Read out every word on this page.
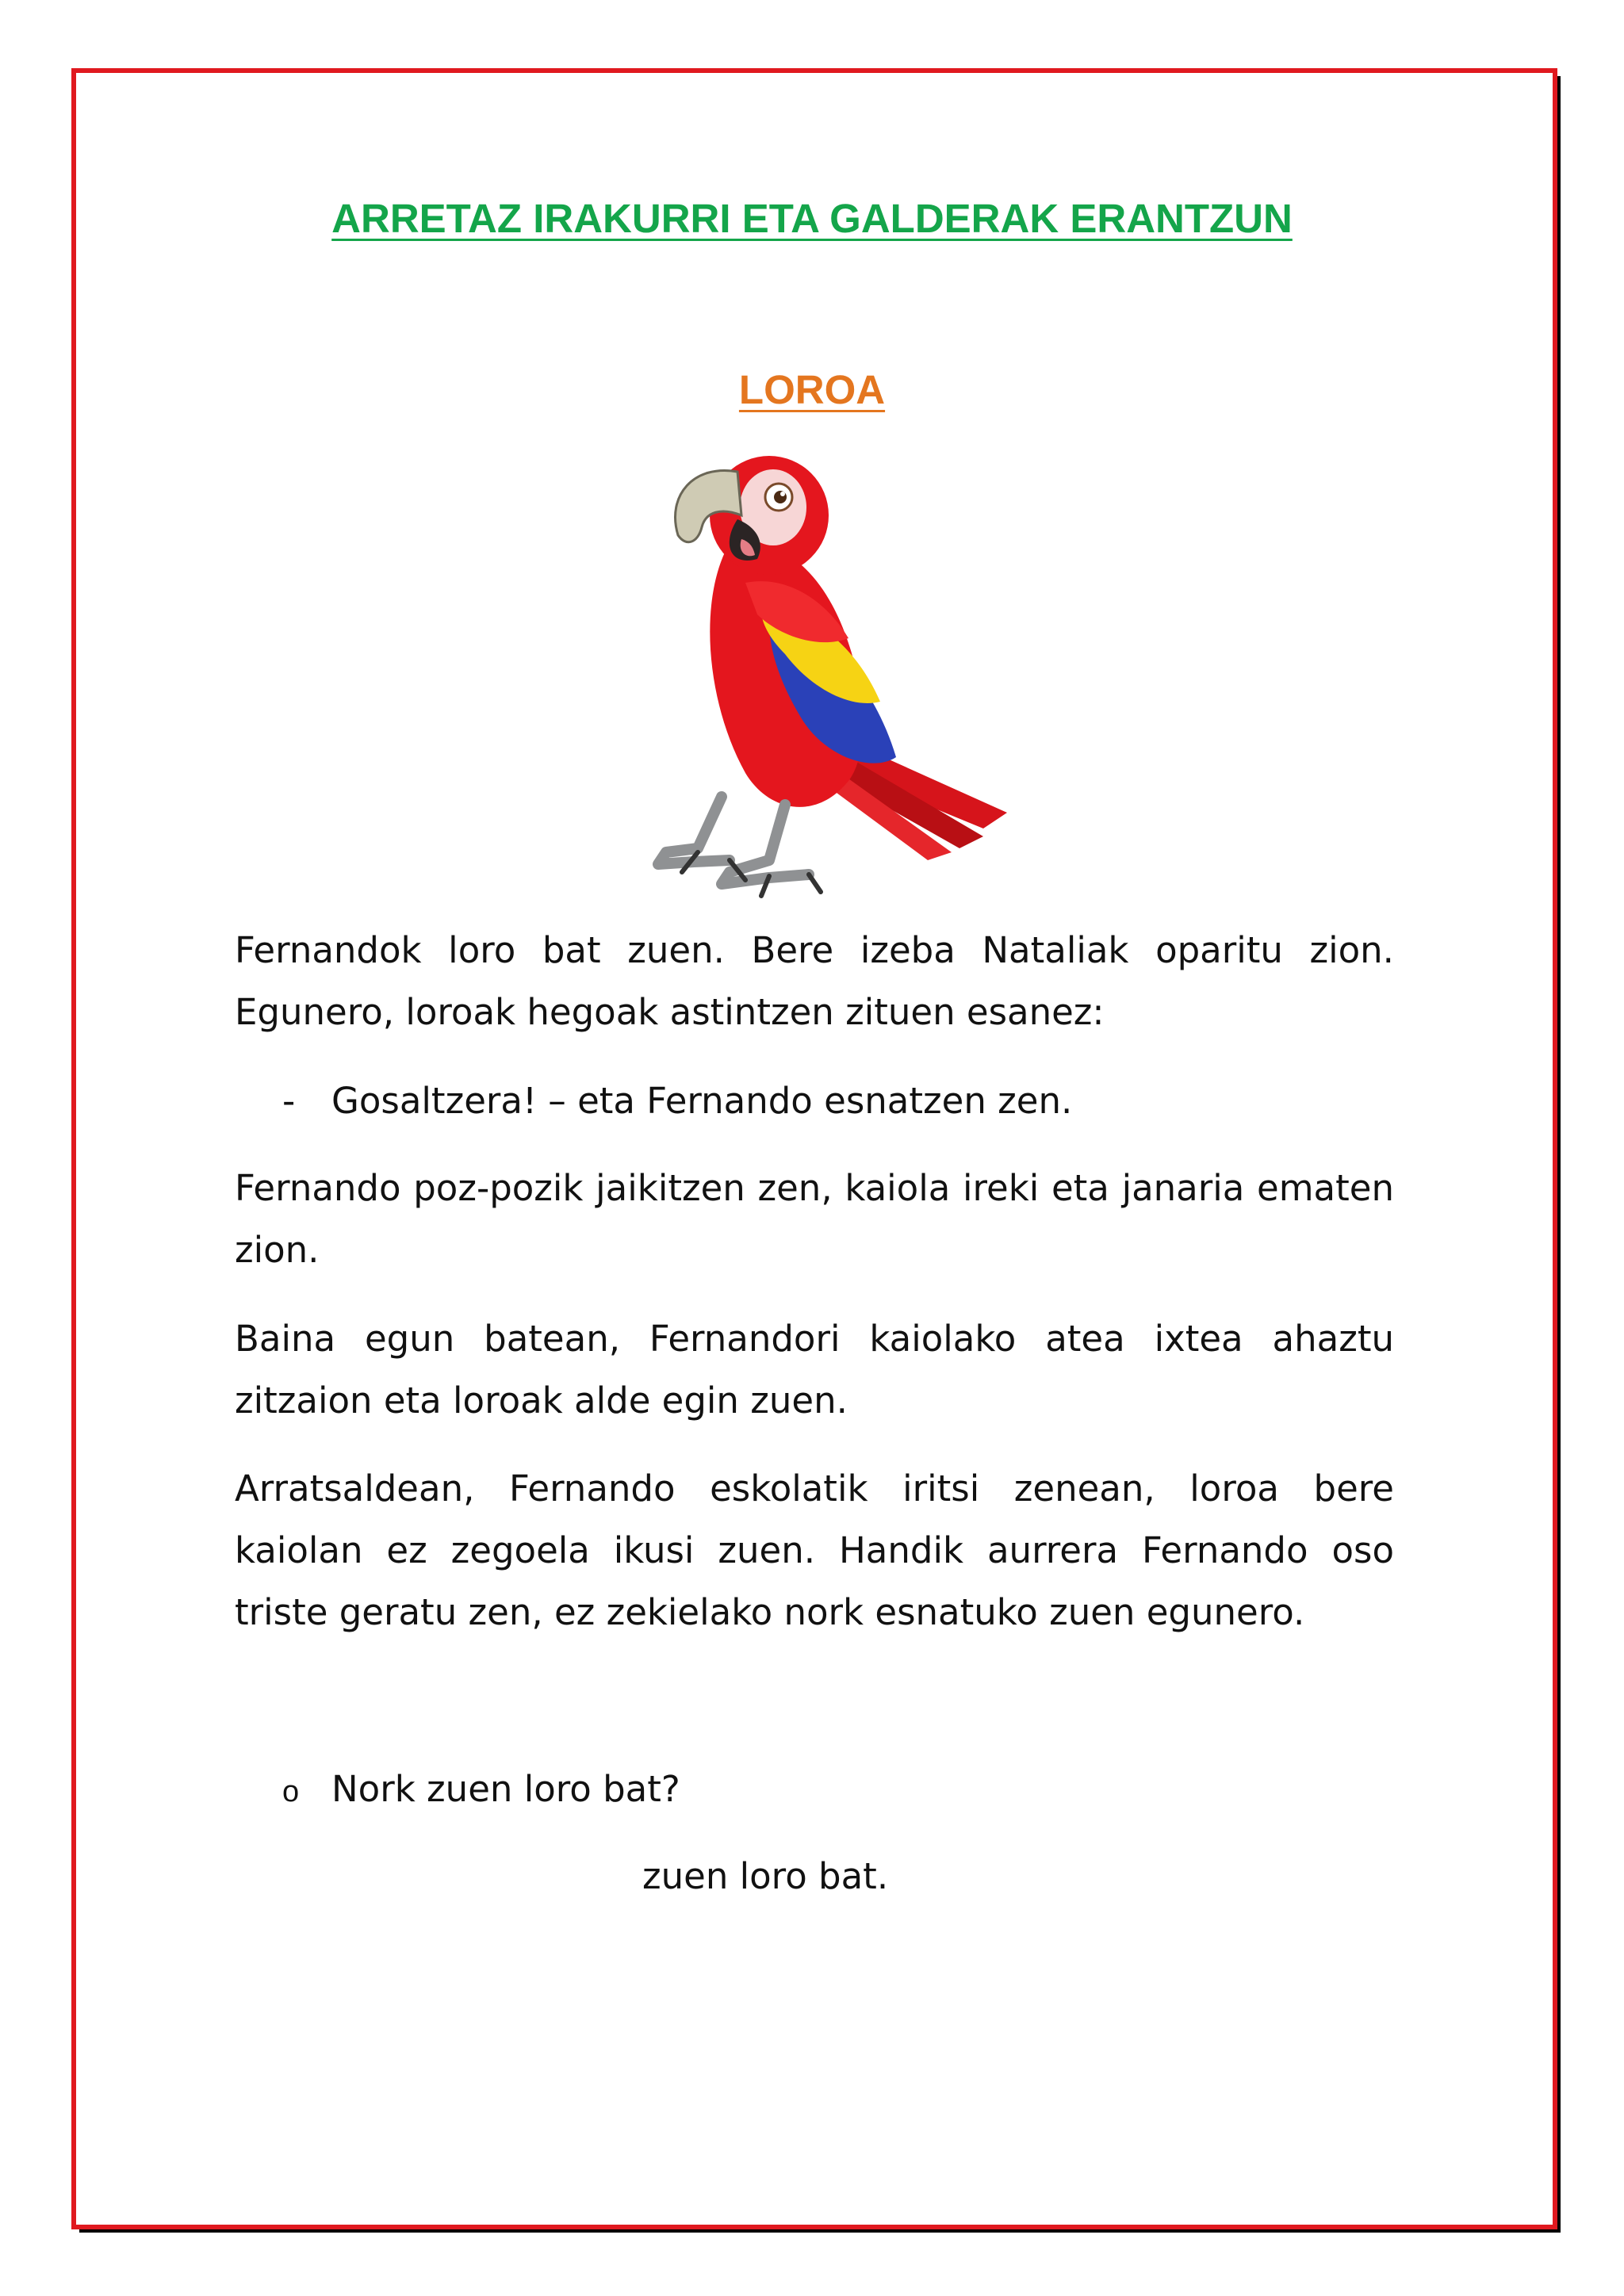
ARRETAZ IRAKURRI ETA GALDERAK ERANTZUN
LOROA

Fernandok loro bat zuen. Bere izeba Nataliak oparitu zion. Egunero, loroak hegoak astintzen zituen esanez:

- Gosaltzera! – eta Fernando esnatzen zen.

Fernando poz-pozik jaikitzen zen, kaiola ireki eta janaria ematen zion.

Baina egun batean, Fernandori kaiolako atea ixtea ahaztu zitzaion eta loroak alde egin zuen.

Arratsaldean, Fernando eskolatik iritsi zenean, loroa bere kaiolan ez zegoela ikusi zuen. Handik aurrera Fernando oso triste geratu zen, ez zekielako nork esnatuko zuen egunero.

o Nork zuen loro bat?
zuen loro bat.
